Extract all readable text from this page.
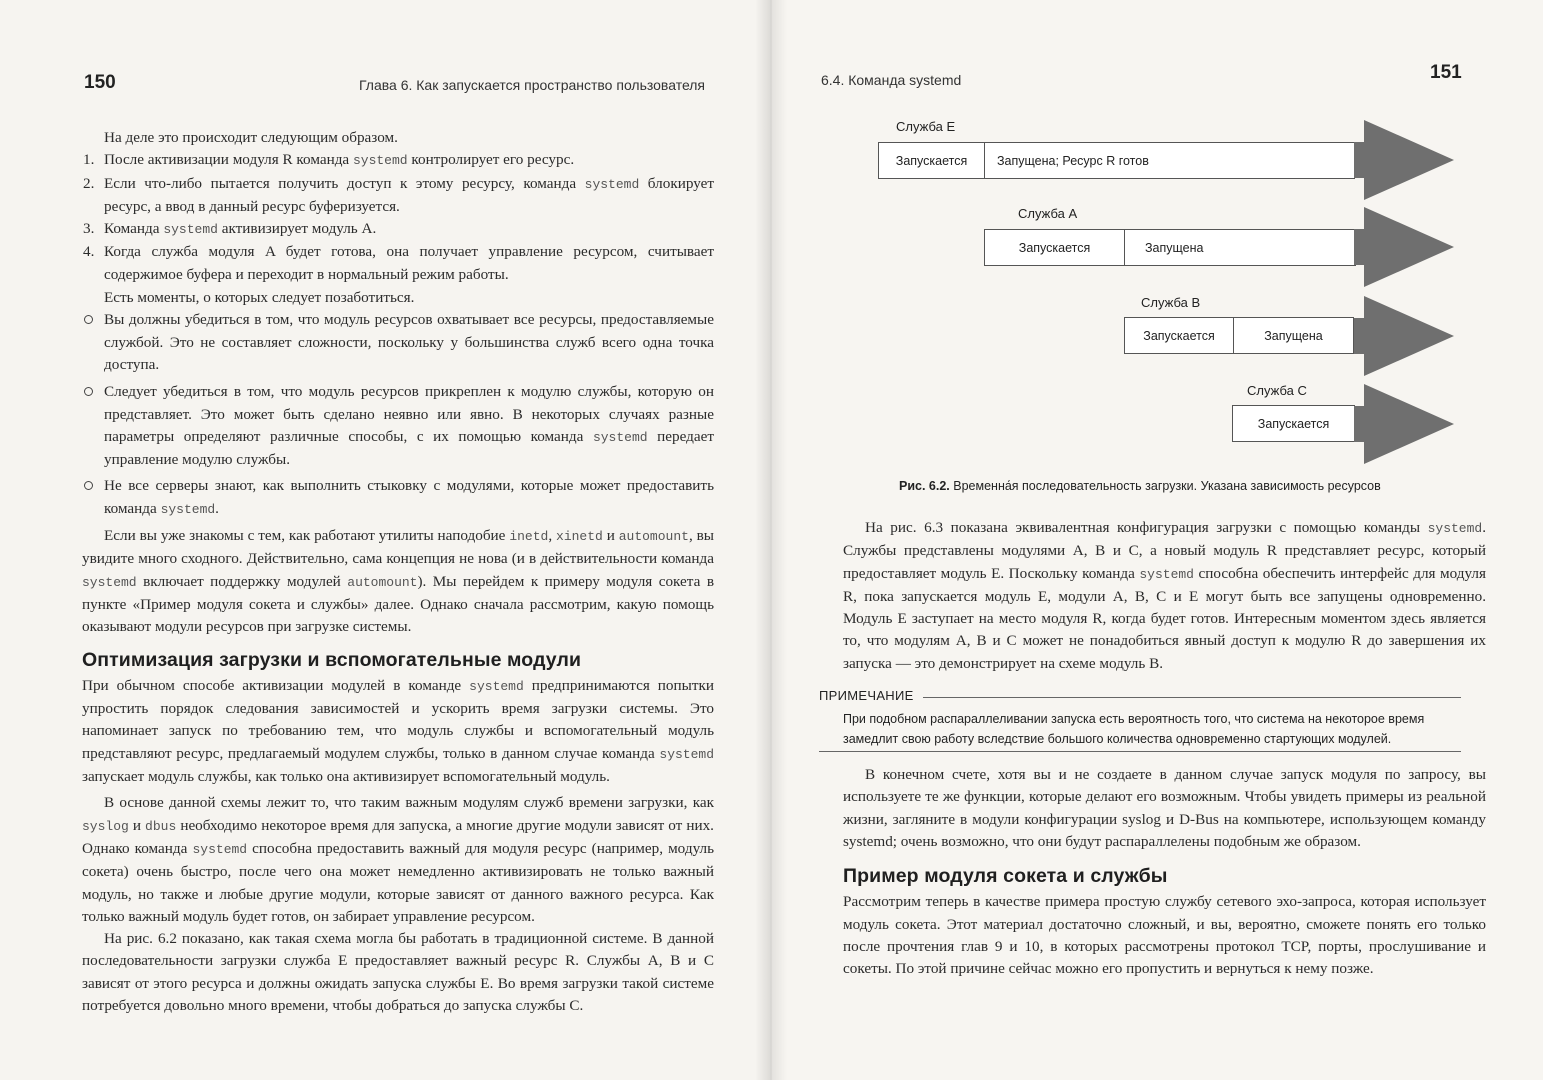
150	Глава 6. Как запускается пространство пользователя

На деле это происходит следующим образом.

1. После активизации модуля R команда systemd контролирует его ресурс.
2. Если что-либо пытается получить доступ к этому ресурсу, команда systemd блокирует ресурс, а ввод в данный ресурс буферизуется.
3. Команда systemd активизирует модуль A.
4. Когда служба модуля A будет готова, она получает управление ресурсом, считывает содержимое буфера и переходит в нормальный режим работы.

Есть моменты, о которых следует позаботиться.

Вы должны убедиться в том, что модуль ресурсов охватывает все ресурсы, предоставляемые службой. Это не составляет сложности, поскольку у большинства служб всего одна точка доступа.
Следует убедиться в том, что модуль ресурсов прикреплен к модулю службы, которую он представляет. Это может быть сделано неявно или явно. В некоторых случаях разные параметры определяют различные способы, с их помощью команда systemd передает управление модулю службы.
Не все серверы знают, как выполнить стыковку с модулями, которые может предоставить команда systemd.

Если вы уже знакомы с тем, как работают утилиты наподобие inetd, xinetd и automount, вы увидите много сходного. Действительно, сама концепция не нова (и в действительности команда systemd включает поддержку модулей automount). Мы перейдем к примеру модуля сокета в пункте «Пример модуля сокета и службы» далее. Однако сначала рассмотрим, какую помощь оказывают модули ресурсов при загрузке системы.

Оптимизация загрузки и вспомогательные модули

При обычном способе активизации модулей в команде systemd предпринимаются попытки упростить порядок следования зависимостей и ускорить время загрузки системы. Это напоминает запуск по требованию тем, что модуль службы и вспомогательный модуль представляют ресурс, предлагаемый модулем службы, только в данном случае команда systemd запускает модуль службы, как только она активизирует вспомогательный модуль.

В основе данной схемы лежит то, что таким важным модулям служб времени загрузки, как syslog и dbus необходимо некоторое время для запуска, а многие другие модули зависят от них. Однако команда systemd способна предоставить важный для модуля ресурс (например, модуль сокета) очень быстро, после чего она может немедленно активизировать не только важный модуль, но также и любые другие модули, которые зависят от данного важного ресурса. Как только важный модуль будет готов, он забирает управление ресурсом.

На рис. 6.2 показано, как такая схема могла бы работать в традиционной системе. В данной последовательности загрузки служба E предоставляет важный ресурс R. Службы A, B и C зависят от этого ресурса и должны ожидать запуска службы E. Во время загрузки такой системе потребуется довольно много времени, чтобы добраться до запуска службы C.

6.4. Команда systemd	151
Служба E
Запускается	Запущена; Ресурс R готов
Служба A
Запускается	Запущена
Служба B
Запускается	Запущена
Служба C
Запускается
Рис. 6.2. Временна́я последовательность загрузки. Указана зависимость ресурсов

На рис. 6.3 показана эквивалентная конфигурация загрузки с помощью команды systemd. Службы представлены модулями A, B и C, а новый модуль R представляет ресурс, который предоставляет модуль E. Поскольку команда systemd способна обеспечить интерфейс для модуля R, пока запускается модуль E, модули A, B, C и E могут быть все запущены одновременно. Модуль E заступает на место модуля R, когда будет готов. Интересным моментом здесь является то, что модулям A, B и C может не понадобиться явный доступ к модулю R до завершения их запуска — это демонстрирует на схеме модуль B.

ПРИМЕЧАНИЕ
При подобном распараллеливании запуска есть вероятность того, что система на некоторое время замедлит свою работу вследствие большого количества одновременно стартующих модулей.

В конечном счете, хотя вы и не создаете в данном случае запуск модуля по запросу, вы используете те же функции, которые делают его возможным. Чтобы увидеть примеры из реальной жизни, загляните в модули конфигурации syslog и D-Bus на компьютере, использующем команду systemd; очень возможно, что они будут распараллелены подобным же образом.

Пример модуля сокета и службы

Рассмотрим теперь в качестве примера простую службу сетевого эхо-запроса, которая использует модуль сокета. Этот материал достаточно сложный, и вы, вероятно, сможете понять его только после прочтения глав 9 и 10, в которых рассмотрены протокол TCP, порты, прослушивание и сокеты. По этой причине сейчас можно его пропустить и вернуться к нему позже.
